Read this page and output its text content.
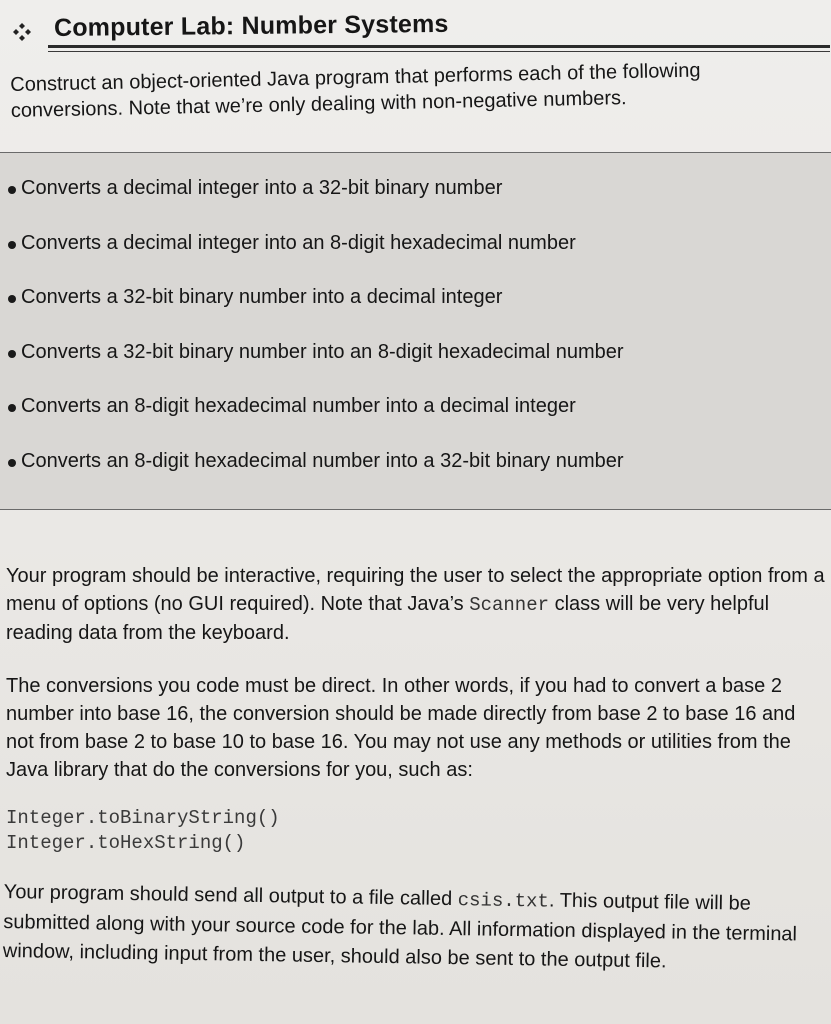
Computer Lab: Number Systems
Construct an object-oriented Java program that performs each of the following
conversions. Note that we’re only dealing with non-negative numbers.
Converts a decimal integer into a 32-bit binary number
Converts a decimal integer into an 8-digit hexadecimal number
Converts a 32-bit binary number into a decimal integer
Converts a 32-bit binary number into an 8-digit hexadecimal number
Converts an 8-digit hexadecimal number into a decimal integer
Converts an 8-digit hexadecimal number into a 32-bit binary number
Your program should be interactive, requiring the user to select the appropriate option from a menu of options (no GUI required). Note that Java’s Scanner class will be very helpful reading data from the keyboard.
The conversions you code must be direct. In other words, if you had to convert a base 2 number into base 16, the conversion should be made directly from base 2 to base 16 and not from base 2 to base 10 to base 16. You may not use any methods or utilities from the Java library that do the conversions for you, such as:
Integer.toBinaryString()
Integer.toHexString()
Your program should send all output to a file called csis.txt. This output file will be submitted along with your source code for the lab. All information displayed in the terminal window, including input from the user, should also be sent to the output file.
